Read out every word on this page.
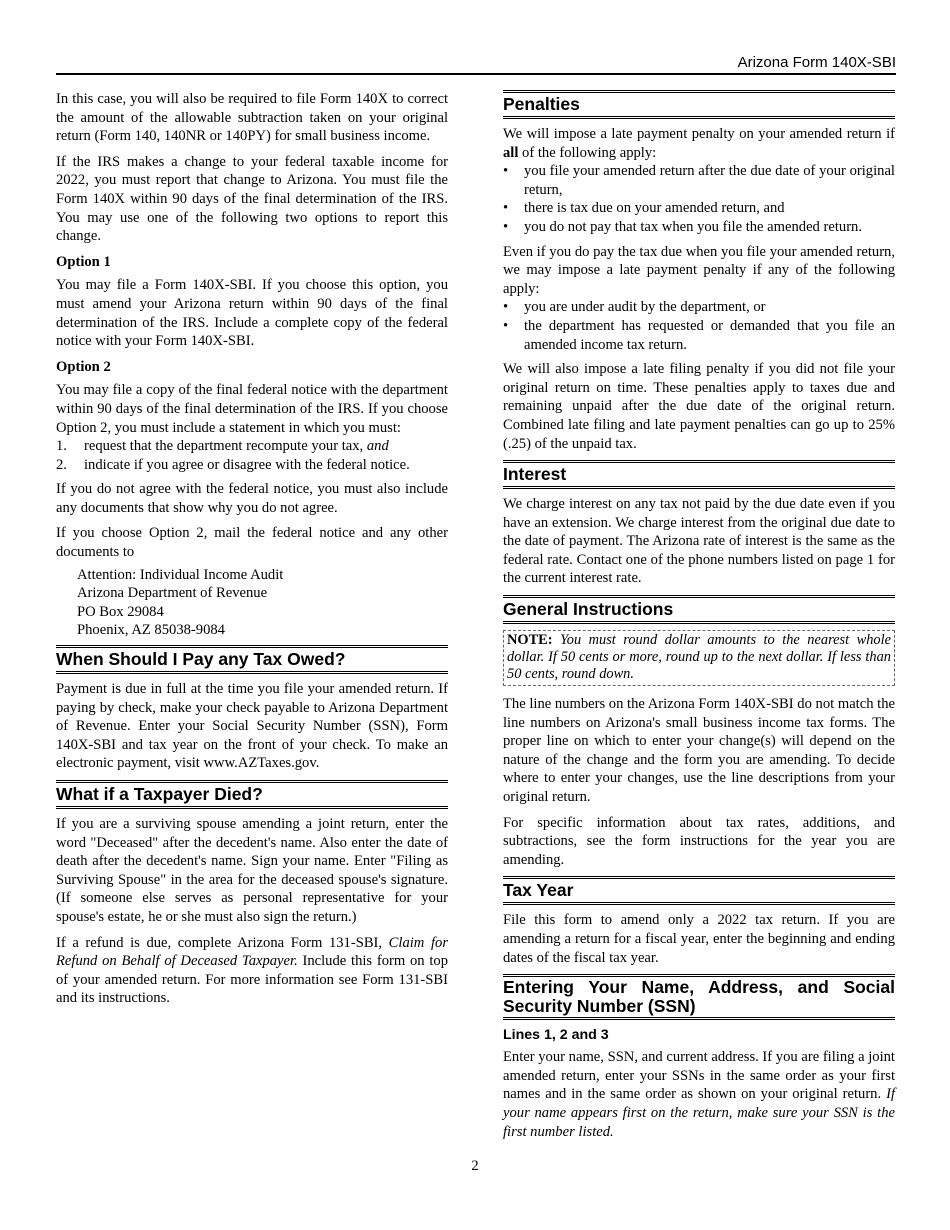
Arizona Form 140X-SBI

In this case, you will also be required to file Form 140X to correct the amount of the allowable subtraction taken on your original return (Form 140, 140NR or 140PY) for small business income.

If the IRS makes a change to your federal taxable income for 2022, you must report that change to Arizona. You must file the Form 140X within 90 days of the final determination of the IRS. You may use one of the following two options to report this change.

Option 1

You may file a Form 140X-SBI. If you choose this option, you must amend your Arizona return within 90 days of the final determination of the IRS. Include a complete copy of the federal notice with your Form 140X-SBI.

Option 2

You may file a copy of the final federal notice with the department within 90 days of the final determination of the IRS. If you choose Option 2, you must include a statement in which you must:

1. request that the department recompute your tax, and
2. indicate if you agree or disagree with the federal notice.

If you do not agree with the federal notice, you must also include any documents that show why you do not agree.

If you choose Option 2, mail the federal notice and any other documents to

Attention: Individual Income Audit
Arizona Department of Revenue
PO Box 29084
Phoenix, AZ 85038-9084
When Should I Pay any Tax Owed?

Payment is due in full at the time you file your amended return. If paying by check, make your check payable to Arizona Department of Revenue. Enter your Social Security Number (SSN), Form 140X-SBI and tax year on the front of your check. To make an electronic payment, visit www.AZTaxes.gov.

What if a Taxpayer Died?

If you are a surviving spouse amending a joint return, enter the word "Deceased" after the decedent's name. Also enter the date of death after the decedent's name. Sign your name. Enter "Filing as Surviving Spouse" in the area for the deceased spouse's signature. (If someone else serves as personal representative for your spouse's estate, he or she must also sign the return.)

If a refund is due, complete Arizona Form 131-SBI, Claim for Refund on Behalf of Deceased Taxpayer. Include this form on top of your amended return. For more information see Form 131-SBI and its instructions.

Penalties

We will impose a late payment penalty on your amended return if all of the following apply:

• you file your amended return after the due date of your original return,
• there is tax due on your amended return, and
• you do not pay that tax when you file the amended return.

Even if you do pay the tax due when you file your amended return, we may impose a late payment penalty if any of the following apply:

• you are under audit by the department, or
• the department has requested or demanded that you file an amended income tax return.

We will also impose a late filing penalty if you did not file your original return on time. These penalties apply to taxes due and remaining unpaid after the due date of the original return. Combined late filing and late payment penalties can go up to 25% (.25) of the unpaid tax.

Interest

We charge interest on any tax not paid by the due date even if you have an extension. We charge interest from the original due date to the date of payment. The Arizona rate of interest is the same as the federal rate. Contact one of the phone numbers listed on page 1 for the current interest rate.

General Instructions
NOTE: You must round dollar amounts to the nearest whole dollar. If 50 cents or more, round up to the next dollar. If less than 50 cents, round down.

The line numbers on the Arizona Form 140X-SBI do not match the line numbers on Arizona's small business income tax forms. The proper line on which to enter your change(s) will depend on the nature of the change and the form you are amending. To decide where to enter your changes, use the line descriptions from your original return.

For specific information about tax rates, additions, and subtractions, see the form instructions for the year you are amending.

Tax Year

File this form to amend only a 2022 tax return. If you are amending a return for a fiscal year, enter the beginning and ending dates of the fiscal tax year.

Entering Your Name, Address, and Social Security Number (SSN)
Lines 1, 2 and 3

Enter your name, SSN, and current address. If you are filing a joint amended return, enter your SSNs in the same order as your first names and in the same order as shown on your original return. If your name appears first on the return, make sure your SSN is the first number listed.

2
